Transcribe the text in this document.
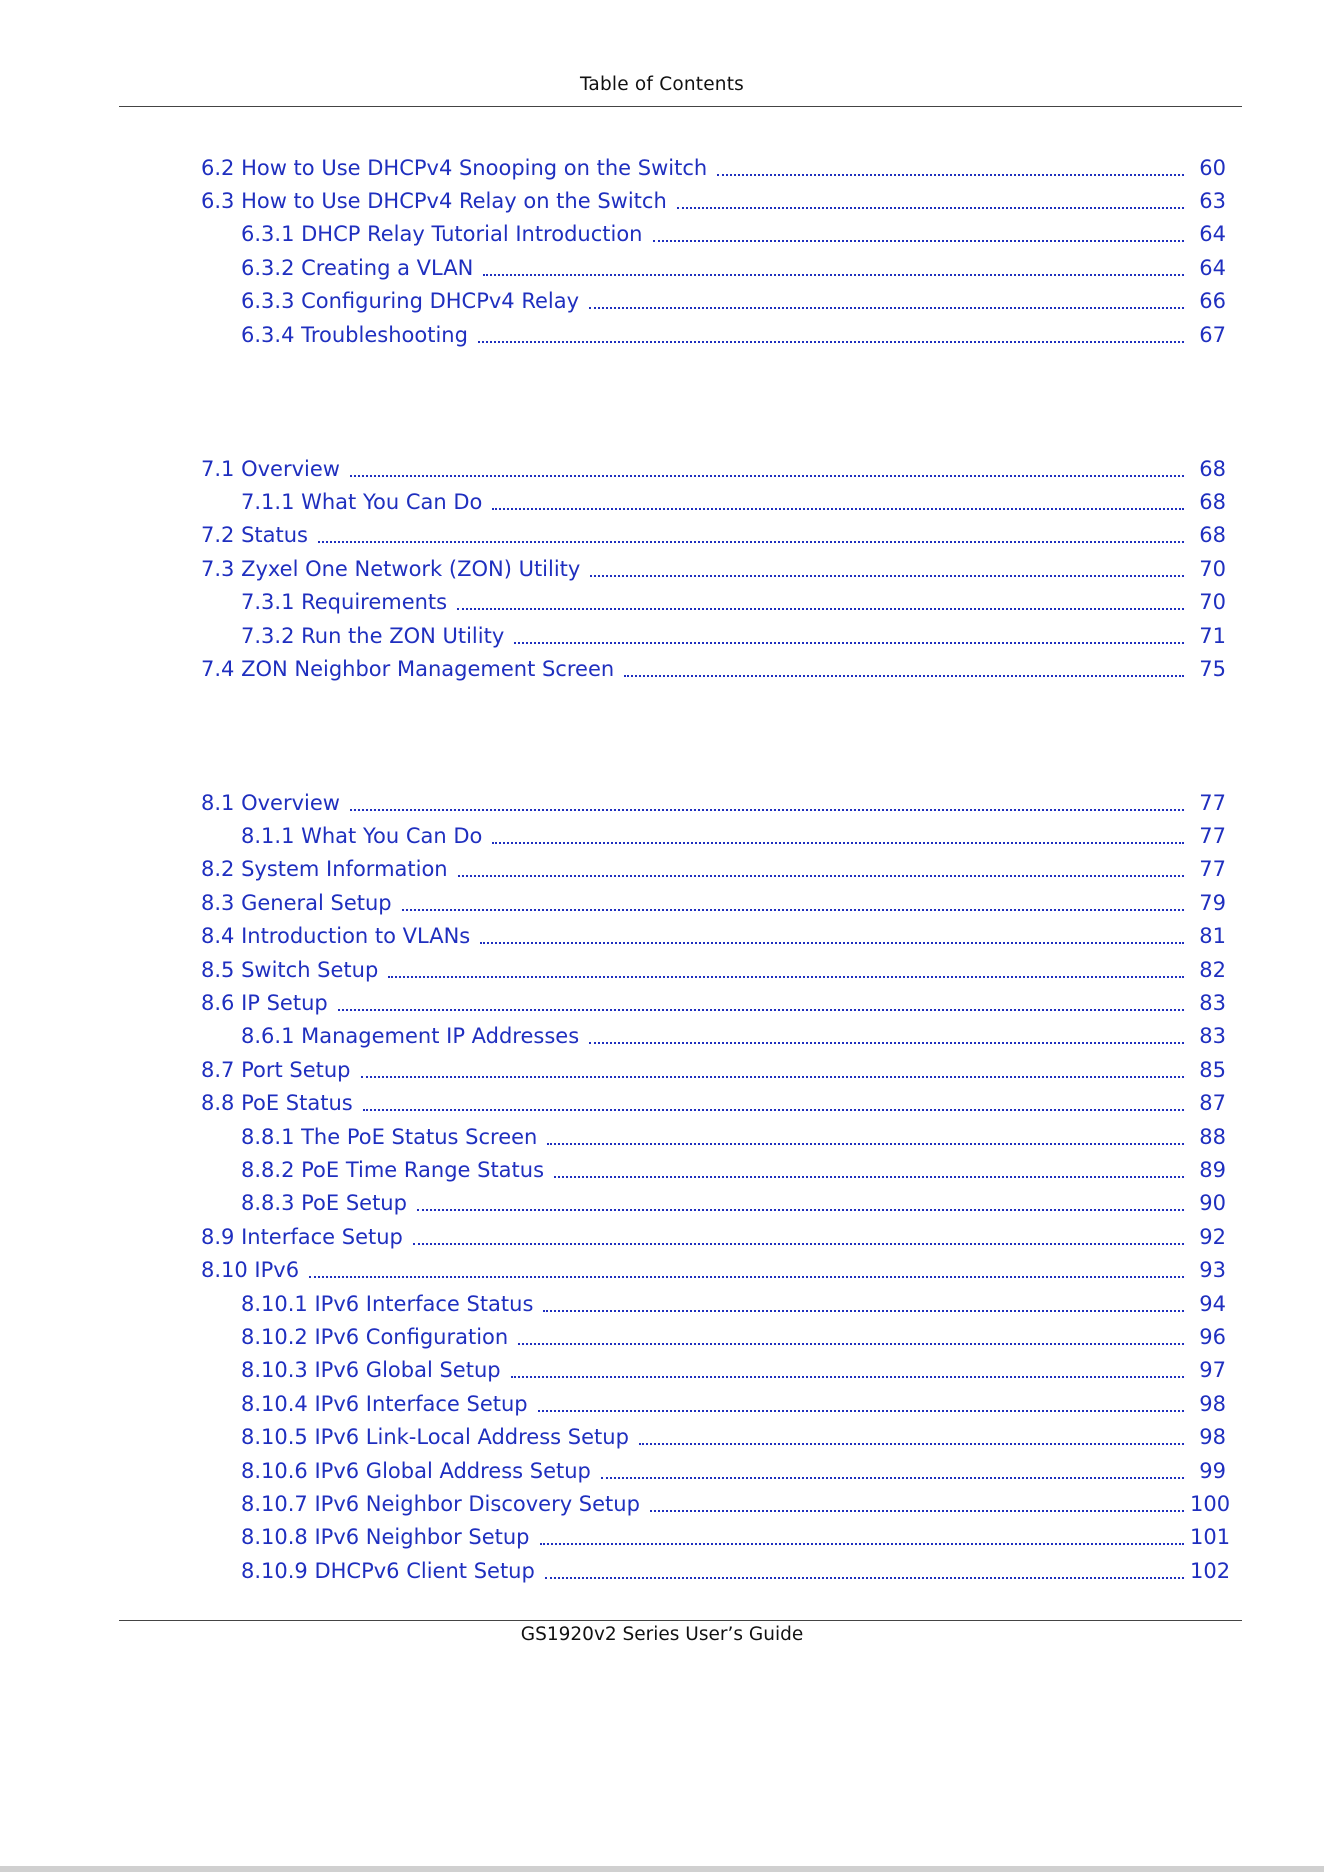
Table of Contents
6.2 How to Use DHCPv4 Snooping on the Switch	60
6.3 How to Use DHCPv4 Relay on the Switch	63
6.3.1 DHCP Relay Tutorial Introduction	64
6.3.2 Creating a VLAN	64
6.3.3 Configuring DHCPv4 Relay	66
6.3.4 Troubleshooting	67
7.1 Overview	68
7.1.1 What You Can Do	68
7.2 Status	68
7.3 Zyxel One Network (ZON) Utility	70
7.3.1 Requirements	70
7.3.2 Run the ZON Utility	71
7.4 ZON Neighbor Management Screen	75
8.1 Overview	77
8.1.1 What You Can Do	77
8.2 System Information	77
8.3 General Setup	79
8.4 Introduction to VLANs	81
8.5 Switch Setup	82
8.6 IP Setup	83
8.6.1 Management IP Addresses	83
8.7 Port Setup	85
8.8 PoE Status	87
8.8.1 The PoE Status Screen	88
8.8.2 PoE Time Range Status	89
8.8.3 PoE Setup	90
8.9 Interface Setup	92
8.10 IPv6	93
8.10.1 IPv6 Interface Status	94
8.10.2 IPv6 Configuration	96
8.10.3 IPv6 Global Setup	97
8.10.4 IPv6 Interface Setup	98
8.10.5 IPv6 Link-Local Address Setup	98
8.10.6 IPv6 Global Address Setup	99
8.10.7 IPv6 Neighbor Discovery Setup	100
8.10.8 IPv6 Neighbor Setup	101
8.10.9 DHCPv6 Client Setup	102
GS1920v2 Series User’s Guide
